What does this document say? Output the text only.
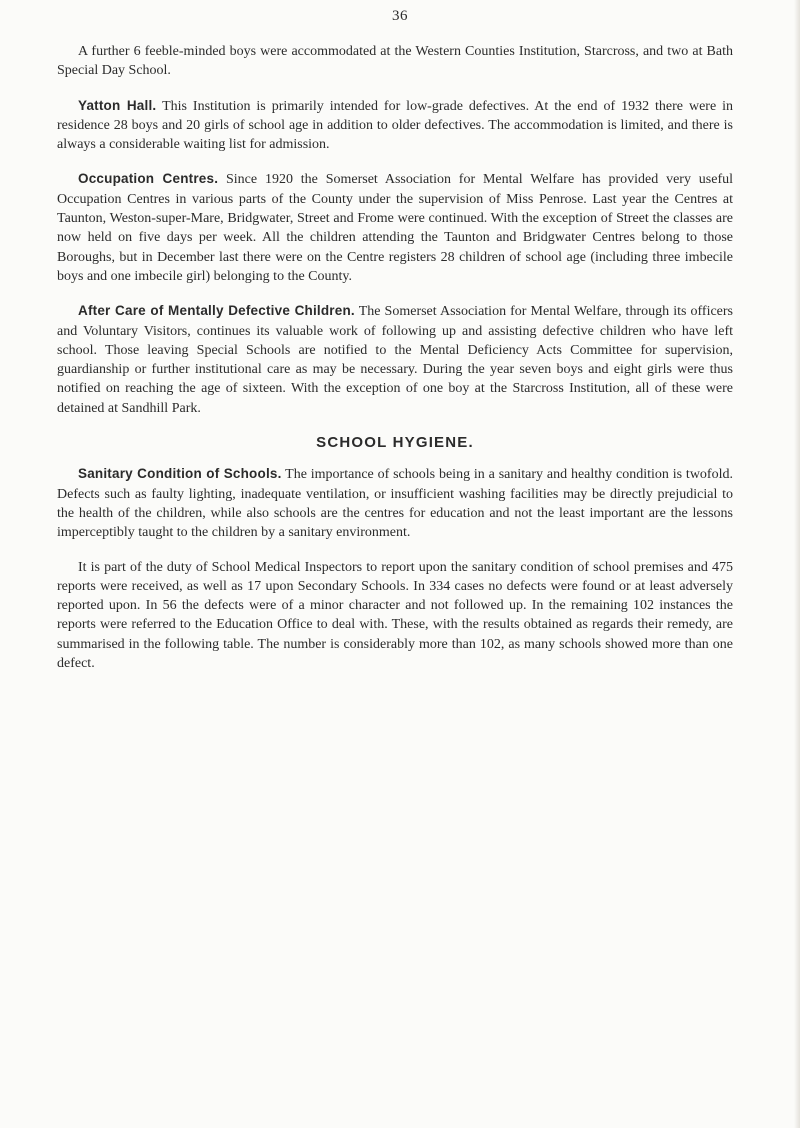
36

A further 6 feeble-minded boys were accommodated at the Western Counties Institution, Starcross, and two at Bath Special Day School.

Yatton Hall. This Institution is primarily intended for low-grade defectives. At the end of 1932 there were in residence 28 boys and 20 girls of school age in addition to older defectives. The accommodation is limited, and there is always a considerable waiting list for admission.

Occupation Centres. Since 1920 the Somerset Association for Mental Welfare has provided very useful Occupation Centres in various parts of the County under the supervision of Miss Penrose. Last year the Centres at Taunton, Weston-super-Mare, Bridgwater, Street and Frome were continued. With the exception of Street the classes are now held on five days per week. All the children attending the Taunton and Bridgwater Centres belong to those Boroughs, but in December last there were on the Centre registers 28 children of school age (including three imbecile boys and one imbecile girl) belonging to the County.

After Care of Mentally Defective Children. The Somerset Association for Mental Welfare, through its officers and Voluntary Visitors, continues its valuable work of following up and assisting defective children who have left school. Those leaving Special Schools are notified to the Mental Deficiency Acts Committee for supervision, guardianship or further institutional care as may be necessary. During the year seven boys and eight girls were thus notified on reaching the age of sixteen. With the exception of one boy at the Starcross Institution, all of these were detained at Sandhill Park.

SCHOOL HYGIENE.

Sanitary Condition of Schools. The importance of schools being in a sanitary and healthy condition is twofold. Defects such as faulty lighting, inadequate ventilation, or insufficient washing facilities may be directly prejudicial to the health of the children, while also schools are the centres for education and not the least important are the lessons imperceptibly taught to the children by a sanitary environment.

It is part of the duty of School Medical Inspectors to report upon the sanitary condition of school premises and 475 reports were received, as well as 17 upon Secondary Schools. In 334 cases no defects were found or at least adversely reported upon. In 56 the defects were of a minor character and not followed up. In the remaining 102 instances the reports were referred to the Education Office to deal with. These, with the results obtained as regards their remedy, are summarised in the following table. The number is considerably more than 102, as many schools showed more than one defect.
